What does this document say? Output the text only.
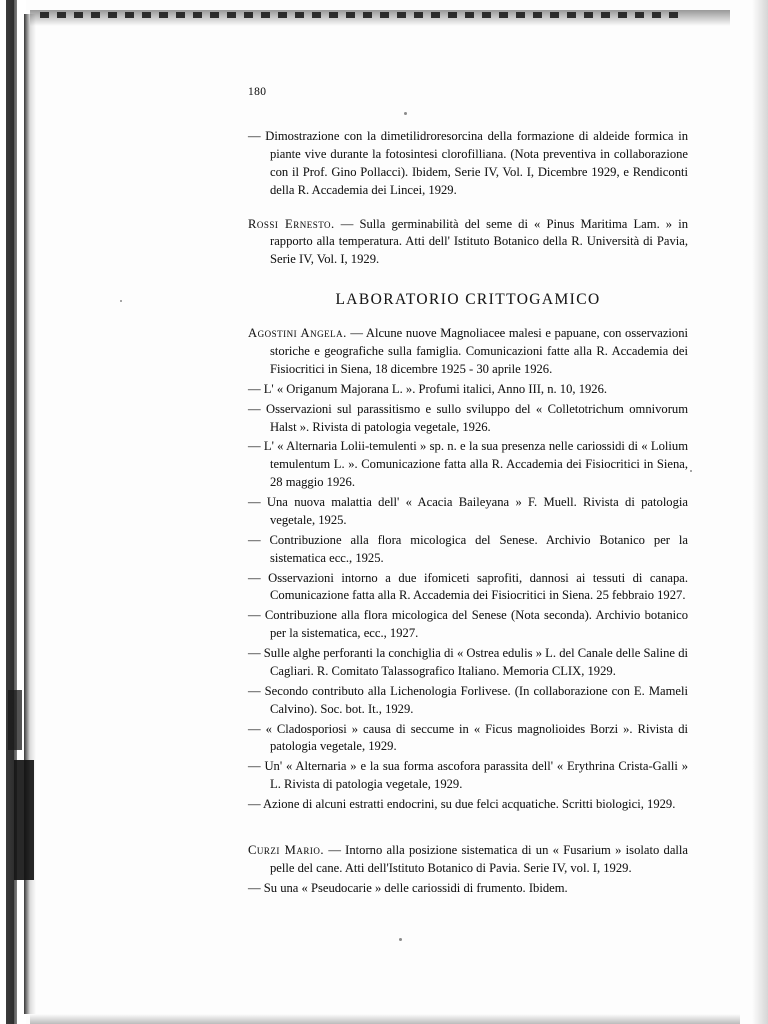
180
— Dimostrazione con la dimetilidroresorcina della formazione di aldeide formica in piante vive durante la fotosintesi clorofilliana. (Nota preventiva in collaborazione con il Prof. Gino Pollacci). Ibidem, Serie IV, Vol. I, Dicembre 1929, e Rendiconti della R. Accademia dei Lincei, 1929.
Rossi Ernesto. — Sulla germinabilità del seme di « Pinus Maritima Lam. » in rapporto alla temperatura. Atti dell' Istituto Botanico della R. Università di Pavia, Serie IV, Vol. I, 1929.
LABORATORIO CRITTOGAMICO
Agostini Angela. — Alcune nuove Magnoliacee malesi e papuane, con osservazioni storiche e geografiche sulla famiglia. Comunicazioni fatte alla R. Accademia dei Fisiocritici in Siena, 18 dicembre 1925 - 30 aprile 1926.
— L' « Origanum Majorana L. ». Profumi italici, Anno III, n. 10, 1926.
— Osservazioni sul parassitismo e sullo sviluppo del « Colletotrichum omnivorum Halst ». Rivista di patologia vegetale, 1926.
— L' « Alternaria Lolii-temulenti » sp. n. e la sua presenza nelle cariossidi di « Lolium temulentum L. ». Comunicazione fatta alla R. Accademia dei Fisiocritici in Siena, 28 maggio 1926.
— Una nuova malattia dell' « Acacia Baileyana » F. Muell. Rivista di patologia vegetale, 1925.
— Contribuzione alla flora micologica del Senese. Archivio Botanico per la sistematica ecc., 1925.
— Osservazioni intorno a due ifomiceti saprofiti, dannosi ai tessuti di canapa. Comunicazione fatta alla R. Accademia dei Fisiocritici in Siena. 25 febbraio 1927.
— Contribuzione alla flora micologica del Senese (Nota seconda). Archivio botanico per la sistematica, ecc., 1927.
— Sulle alghe perforanti la conchiglia di « Ostrea edulis » L. del Canale delle Saline di Cagliari. R. Comitato Talassografico Italiano. Memoria CLIX, 1929.
— Secondo contributo alla Lichenologia Forlivese. (In collaborazione con E. Mameli Calvino). Soc. bot. It., 1929.
— « Cladosporiosi » causa di seccume in « Ficus magnolioides Borzi ». Rivista di patologia vegetale, 1929.
— Un' « Alternaria » e la sua forma ascofora parassita dell' « Erythrina Crista-Galli » L. Rivista di patologia vegetale, 1929.
— Azione di alcuni estratti endocrini, su due felci acquatiche. Scritti biologici, 1929.
Curzi Mario. — Intorno alla posizione sistematica di un « Fusarium » isolato dalla pelle del cane. Atti dell'Istituto Botanico di Pavia. Serie IV, vol. I, 1929.
— Su una « Pseudocarie » delle cariossidi di frumento. Ibidem.
